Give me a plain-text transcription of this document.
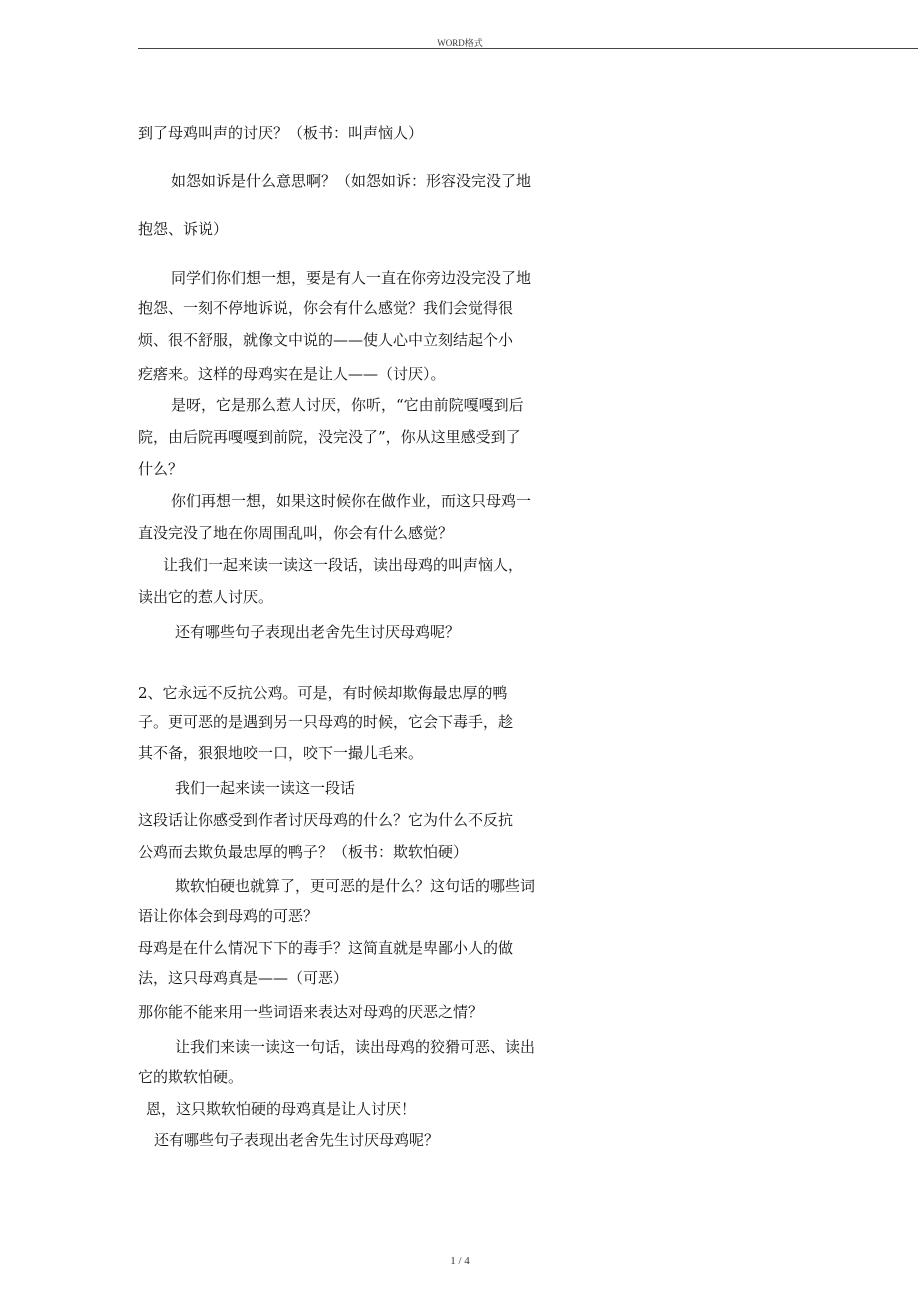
WORD格式
到了母鸡叫声的讨厌？（板书：叫声恼人）
如怨如诉是什么意思啊？（如怨如诉：形容没完没了地
抱怨、诉说）
同学们你们想一想，要是有人一直在你旁边没完没了地
抱怨、一刻不停地诉说，你会有什么感觉？我们会觉得很
烦、很不舒服，就像文中说的——使人心中立刻结起个小
疙瘩来。这样的母鸡实在是让人——（讨厌）。
是呀，它是那么惹人讨厌，你听，“它由前院嘎嘎到后
院，由后院再嘎嘎到前院，没完没了”，你从这里感受到了
什么？
你们再想一想，如果这时候你在做作业，而这只母鸡一
直没完没了地在你周围乱叫，你会有什么感觉？
让我们一起来读一读这一段话，读出母鸡的叫声恼人，
读出它的惹人讨厌。
还有哪些句子表现出老舍先生讨厌母鸡呢？
2、它永远不反抗公鸡。可是，有时候却欺侮最忠厚的鸭
子。更可恶的是遇到另一只母鸡的时候，它会下毒手，趁
其不备，狠狠地咬一口，咬下一撮儿毛来。
我们一起来读一读这一段话
这段话让你感受到作者讨厌母鸡的什么？它为什么不反抗
公鸡而去欺负最忠厚的鸭子？（板书：欺软怕硬）
欺软怕硬也就算了，更可恶的是什么？这句话的哪些词
语让你体会到母鸡的可恶？
母鸡是在什么情况下下的毒手？这简直就是卑鄙小人的做
法，这只母鸡真是——（可恶）
那你能不能来用一些词语来表达对母鸡的厌恶之情？
让我们来读一读这一句话，读出母鸡的狡猾可恶、读出
它的欺软怕硬。
恩，这只欺软怕硬的母鸡真是让人讨厌！
还有哪些句子表现出老舍先生讨厌母鸡呢？
1 / 4
